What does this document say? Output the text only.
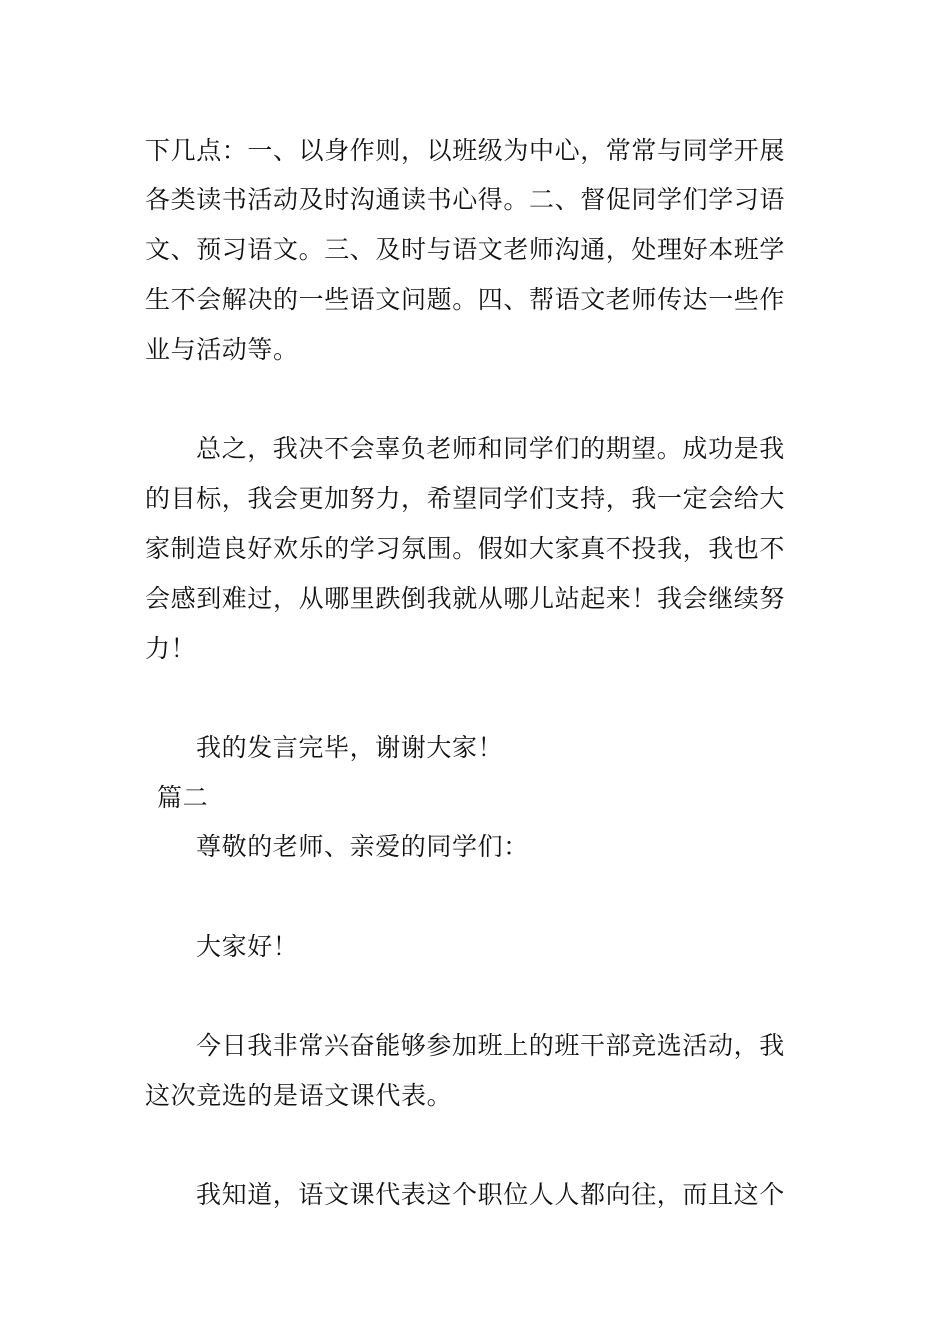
下几点：一、以身作则，以班级为中心，常常与同学开展
各类读书活动及时沟通读书心得。二、督促同学们学习语
文、预习语文。三、及时与语文老师沟通，处理好本班学
生不会解决的一些语文问题。四、帮语文老师传达一些作
业与活动等。
总之，我决不会辜负老师和同学们的期望。成功是我
的目标，我会更加努力，希望同学们支持，我一定会给大
家制造良好欢乐的学习氛围。假如大家真不投我，我也不
会感到难过，从哪里跌倒我就从哪儿站起来！我会继续努
力！
我的发言完毕，谢谢大家！
篇二
尊敬的老师、亲爱的同学们：
大家好！
今日我非常兴奋能够参加班上的班干部竞选活动，我
这次竞选的是语文课代表。
我知道，语文课代表这个职位人人都向往，而且这个
